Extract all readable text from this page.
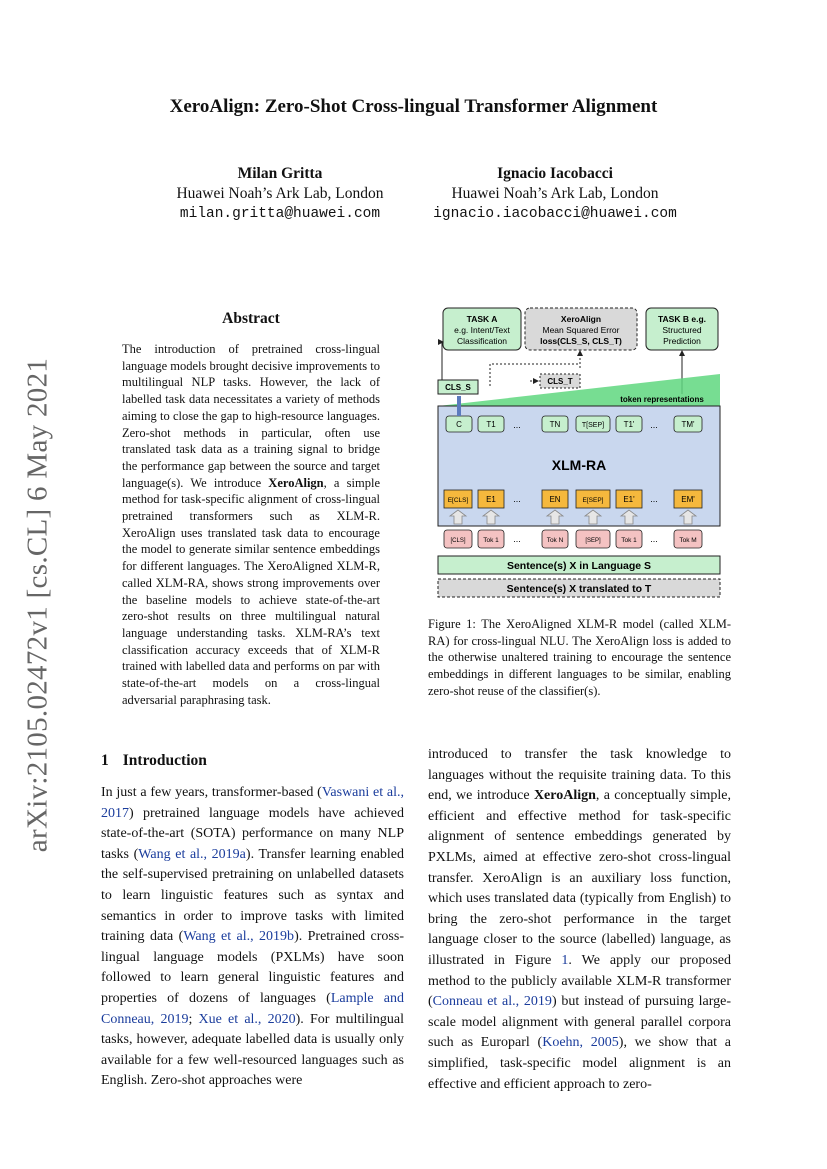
XeroAlign: Zero-Shot Cross-lingual Transformer Alignment
Milan Gritta
Huawei Noah’s Ark Lab, London
milan.gritta@huawei.com
Ignacio Iacobacci
Huawei Noah’s Ark Lab, London
ignacio.iacobacci@huawei.com
arXiv:2105.02472v1 [cs.CL] 6 May 2021
Abstract
The introduction of pretrained cross-lingual language models brought decisive improvements to multilingual NLP tasks. However, the lack of labelled task data necessitates a variety of methods aiming to close the gap to high-resource languages. Zero-shot methods in particular, often use translated task data as a training signal to bridge the performance gap between the source and target language(s). We introduce XeroAlign, a simple method for task-specific alignment of cross-lingual pretrained transformers such as XLM-R. XeroAlign uses translated task data to encourage the model to generate similar sentence embeddings for different languages. The XeroAligned XLM-R, called XLM-RA, shows strong improvements over the baseline models to achieve state-of-the-art zero-shot results on three multilingual natural language understanding tasks. XLM-RA’s text classification accuracy exceeds that of XLM-R trained with labelled data and performs on par with state-of-the-art models on a cross-lingual adversarial paraphrasing task.
TASK A
e.g. Intent/Text
Classification
XeroAlign
Mean Squared Error
loss(CLS_S, CLS_T)
TASK B e.g.
Structured
Prediction
CLS_S
CLS_T
token representations
XLM-RA
C	T1 ...	TN	T[SEP] T1' ...	TM'
E[CLS] E1 ...	EN	E[SEP] E1' ...	EM'
[CLS]	Tok 1 ...	Tok N	[SEP]	Tok 1 ...	Tok M
Sentence(s) X in Language S
Sentence(s) X translated to T
Figure 1: The XeroAligned XLM-R model (called XLM-RA) for cross-lingual NLU. The XeroAlign loss is added to the otherwise unaltered training to encourage the sentence embeddings in different languages to be similar, enabling zero-shot reuse of the classifier(s).
1 Introduction
In just a few years, transformer-based (Vaswani et al., 2017) pretrained language models have achieved state-of-the-art (SOTA) performance on many NLP tasks (Wang et al., 2019a). Transfer learning enabled the self-supervised pretraining on unlabelled datasets to learn linguistic features such as syntax and semantics in order to improve tasks with limited training data (Wang et al., 2019b). Pretrained cross-lingual language models (PXLMs) have soon followed to learn general linguistic features and properties of dozens of languages (Lample and Conneau, 2019; Xue et al., 2020). For multilingual tasks, however, adequate labelled data is usually only available for a few well-resourced languages such as English. Zero-shot approaches were
introduced to transfer the task knowledge to languages without the requisite training data. To this end, we introduce XeroAlign, a conceptually simple, efficient and effective method for task-specific alignment of sentence embeddings generated by PXLMs, aimed at effective zero-shot cross-lingual transfer. XeroAlign is an auxiliary loss function, which uses translated data (typically from English) to bring the zero-shot performance in the target language closer to the source (labelled) language, as illustrated in Figure 1. We apply our proposed method to the publicly available XLM-R transformer (Conneau et al., 2019) but instead of pursuing large-scale model alignment with general parallel corpora such as Europarl (Koehn, 2005), we show that a simplified, task-specific model alignment is an effective and efficient approach to zero-
